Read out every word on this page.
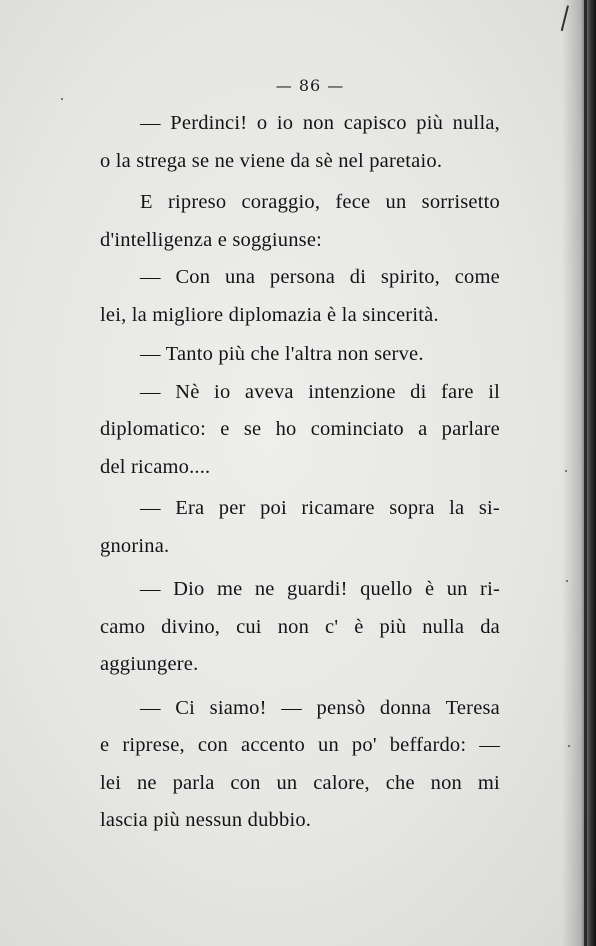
— 86 —
— Perdinci! o io non capisco più nulla,
o la strega se ne viene da sè nel paretaio.
E ripreso coraggio, fece un sorrisetto
d'intelligenza e soggiunse:
— Con una persona di spirito, come
lei, la migliore diplomazia è la sincerità.
— Tanto più che l'altra non serve.
— Nè io aveva intenzione di fare il
diplomatico: e se ho cominciato a parlare
del ricamo....
— Era per poi ricamare sopra la si-
gnorina.
— Dio me ne guardi! quello è un ri-
camo divino, cui non c' è più nulla da
aggiungere.
— Ci siamo! — pensò donna Teresa
e riprese, con accento un po' beffardo: —
lei ne parla con un calore, che non mi
lascia più nessun dubbio.
